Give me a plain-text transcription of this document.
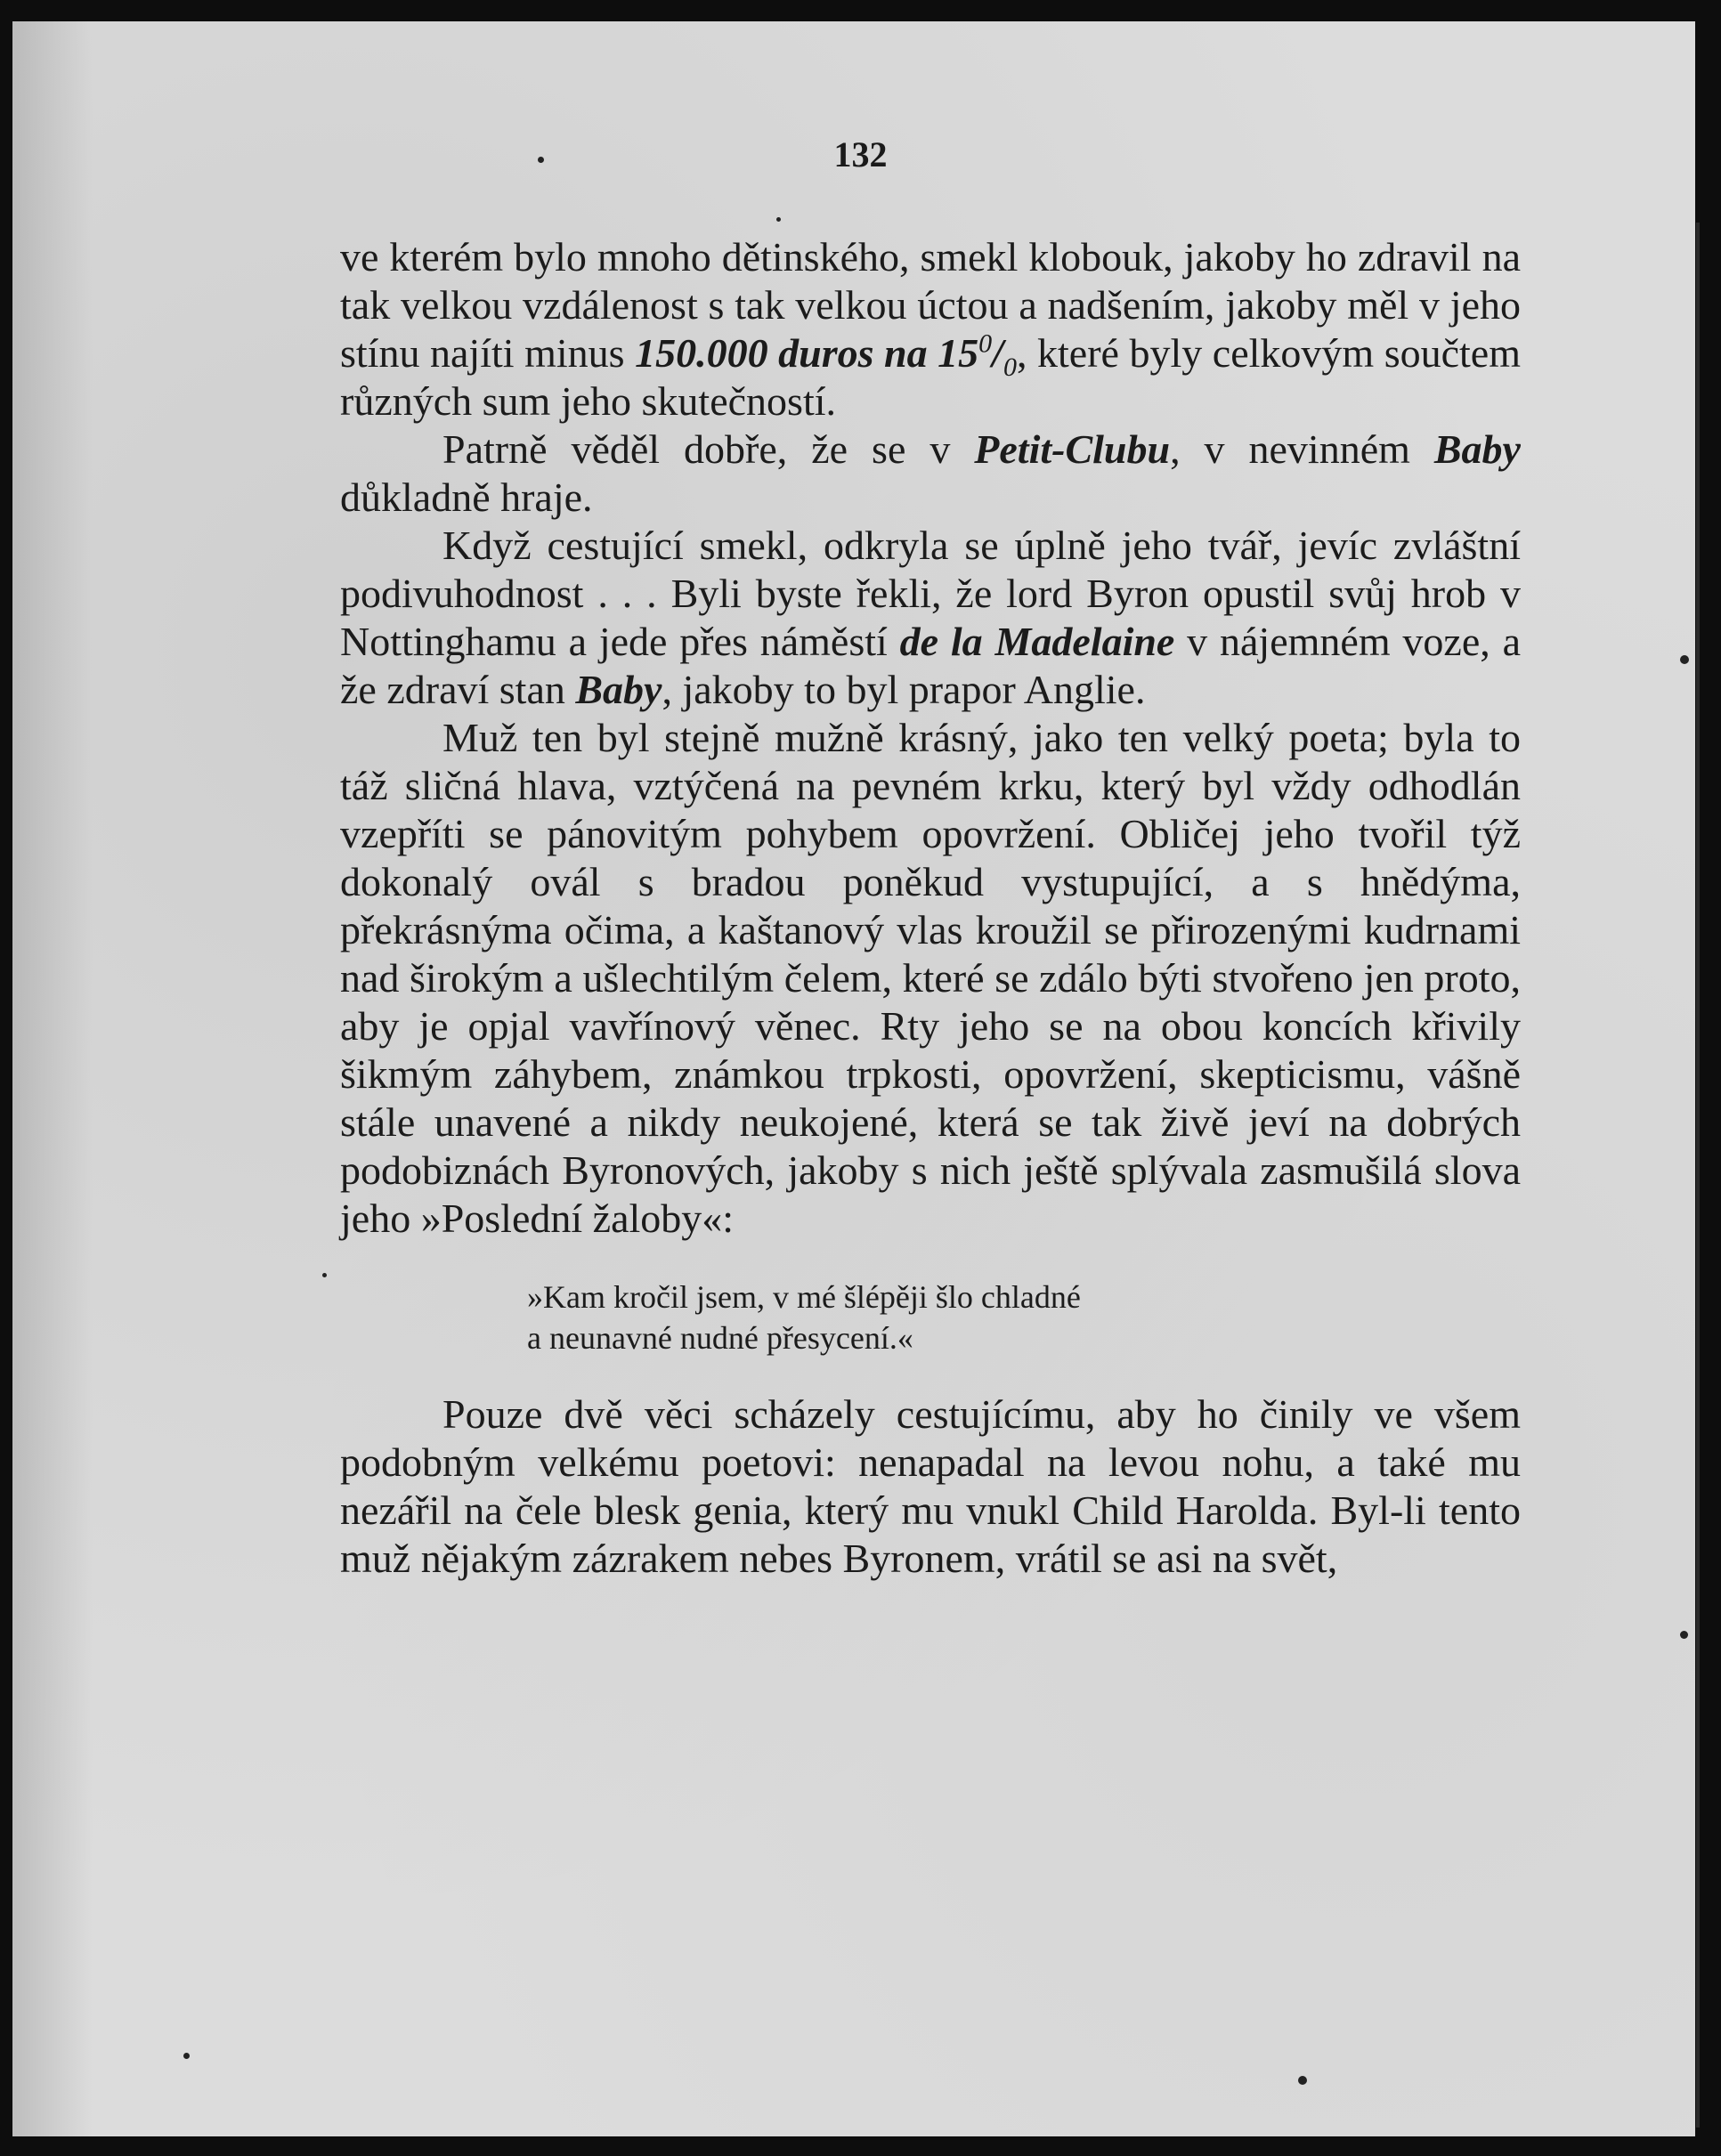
132

ve kterém bylo mnoho dětinského, smekl klobouk, jakoby ho zdravil na tak velkou vzdálenost s tak velkou úctou a nadšením, jakoby měl v jeho stínu najíti minus 150.000 duros na $15^0/_0$, které byly celkovým součtem různých sum jeho skutečností.

Patrně věděl dobře, že se v Petit-Clubu, v nevinném Baby důkladně hraje.

Když cestující smekl, odkryla se úplně jeho tvář, jevíc zvláštní podivuhodnost . . . Byli byste řekli, že lord Byron opustil svůj hrob v Nottinghamu a jede přes náměstí de la Madelaine v nájemném voze, a že zdraví stan Baby, jakoby to byl prapor Anglie.

Muž ten byl stejně mužně krásný, jako ten velký poeta; byla to táž sličná hlava, vztýčená na pevném krku, který byl vždy odhodlán vzepříti se pánovitým pohybem opovržení. Obličej jeho tvořil týž dokonalý ovál s bradou poněkud vystupující, a s hnědýma, překrásnýma očima, a kaštanový vlas kroužil se přirozenými kudrnami nad širokým a ušlechtilým čelem, které se zdálo býti stvořeno jen proto, aby je opjal vavřínový věnec. Rty jeho se na obou koncích křivily šikmým záhybem, známkou trpkosti, opovržení, skepticismu, vášně stále unavené a nikdy neukojené, která se tak živě jeví na dobrých podobiznách Byronových, jakoby s nich ještě splývala zasmušilá slova jeho »Poslední žaloby«:

»Kam kročil jsem, v mé šlépěji šlo chladné
a neunavné nudné přesycení.«

Pouze dvě věci scházely cestujícímu, aby ho činily ve všem podobným velkému poetovi: nenapadal na levou nohu, a také mu nezářil na čele blesk genia, který mu vnukl Child Harolda. Byl-li tento muž nějakým zázrakem nebes Byronem, vrátil se asi na svět,
